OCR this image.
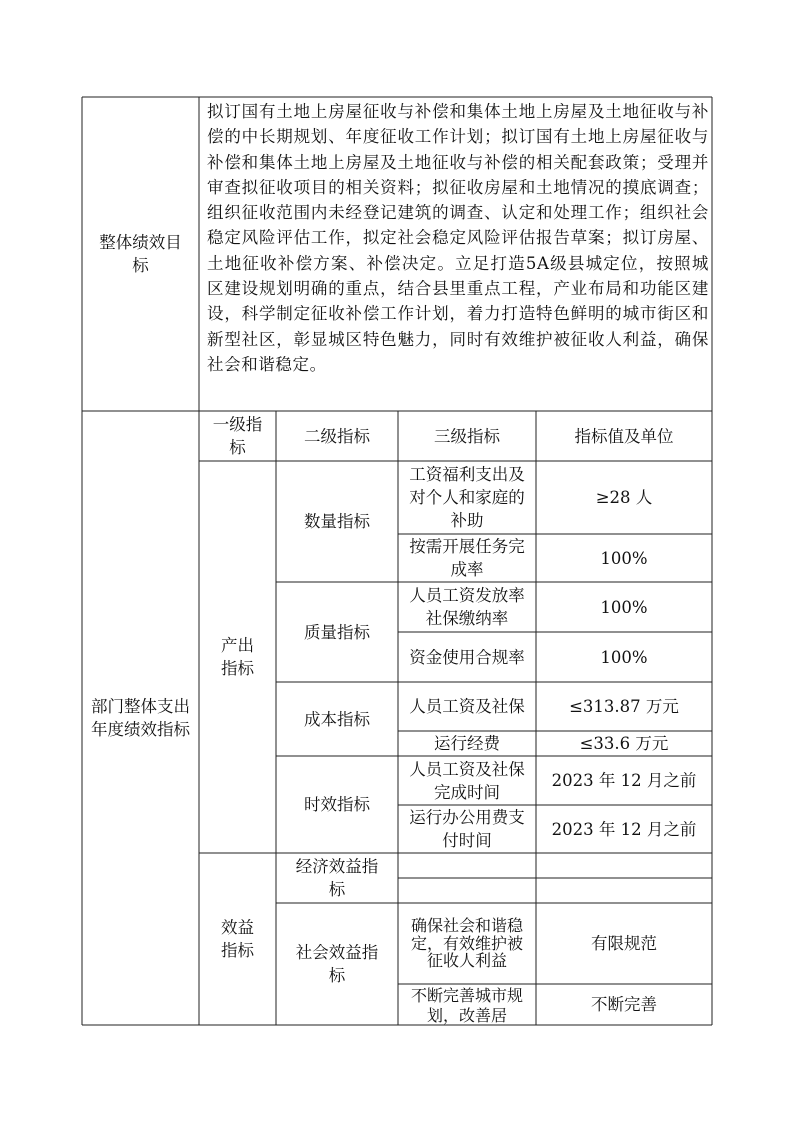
整体绩效目标
拟订国有土地上房屋征收与补偿和集体土地上房屋及土地征收与补偿的中长期规划、年度征收工作计划；拟订国有土地上房屋征收与补偿和集体土地上房屋及土地征收与补偿的相关配套政策；受理并审查拟征收项目的相关资料；拟征收房屋和土地情况的摸底调查；组织征收范围内未经登记建筑的调查、认定和处理工作；组织社会稳定风险评估工作，拟定社会稳定风险评估报告草案；拟订房屋、土地征收补偿方案、补偿决定。立足打造5A级县城定位，按照城区建设规划明确的重点，结合县里重点工程，产业布局和功能区建设，科学制定征收补偿工作计划，着力打造特色鲜明的城市街区和新型社区，彰显城区特色魅力，同时有效维护被征收人利益，确保社会和谐稳定。
部门整体支出
年度绩效指标
一级指标
二级指标	三级指标	指标值及单位
产出指标
效益指标
数量指标
质量指标
成本指标
时效指标
经济效益指标
社会效益指标
工资福利支出及对个人和家庭的补助
按需开展任务完成率
人员工资发放率社保缴纳率
资金使用合规率
人员工资及社保
运行经费
人员工资及社保完成时间
运行办公用费支付时间
确保社会和谐稳定，有效维护被征收人利益
不断完善城市规划，改善居
≥28 人
100%
100%
100%
≤313.87 万元
≤33.6 万元
2023 年 12 月之前
2023 年 12 月之前
有限规范
不断完善
